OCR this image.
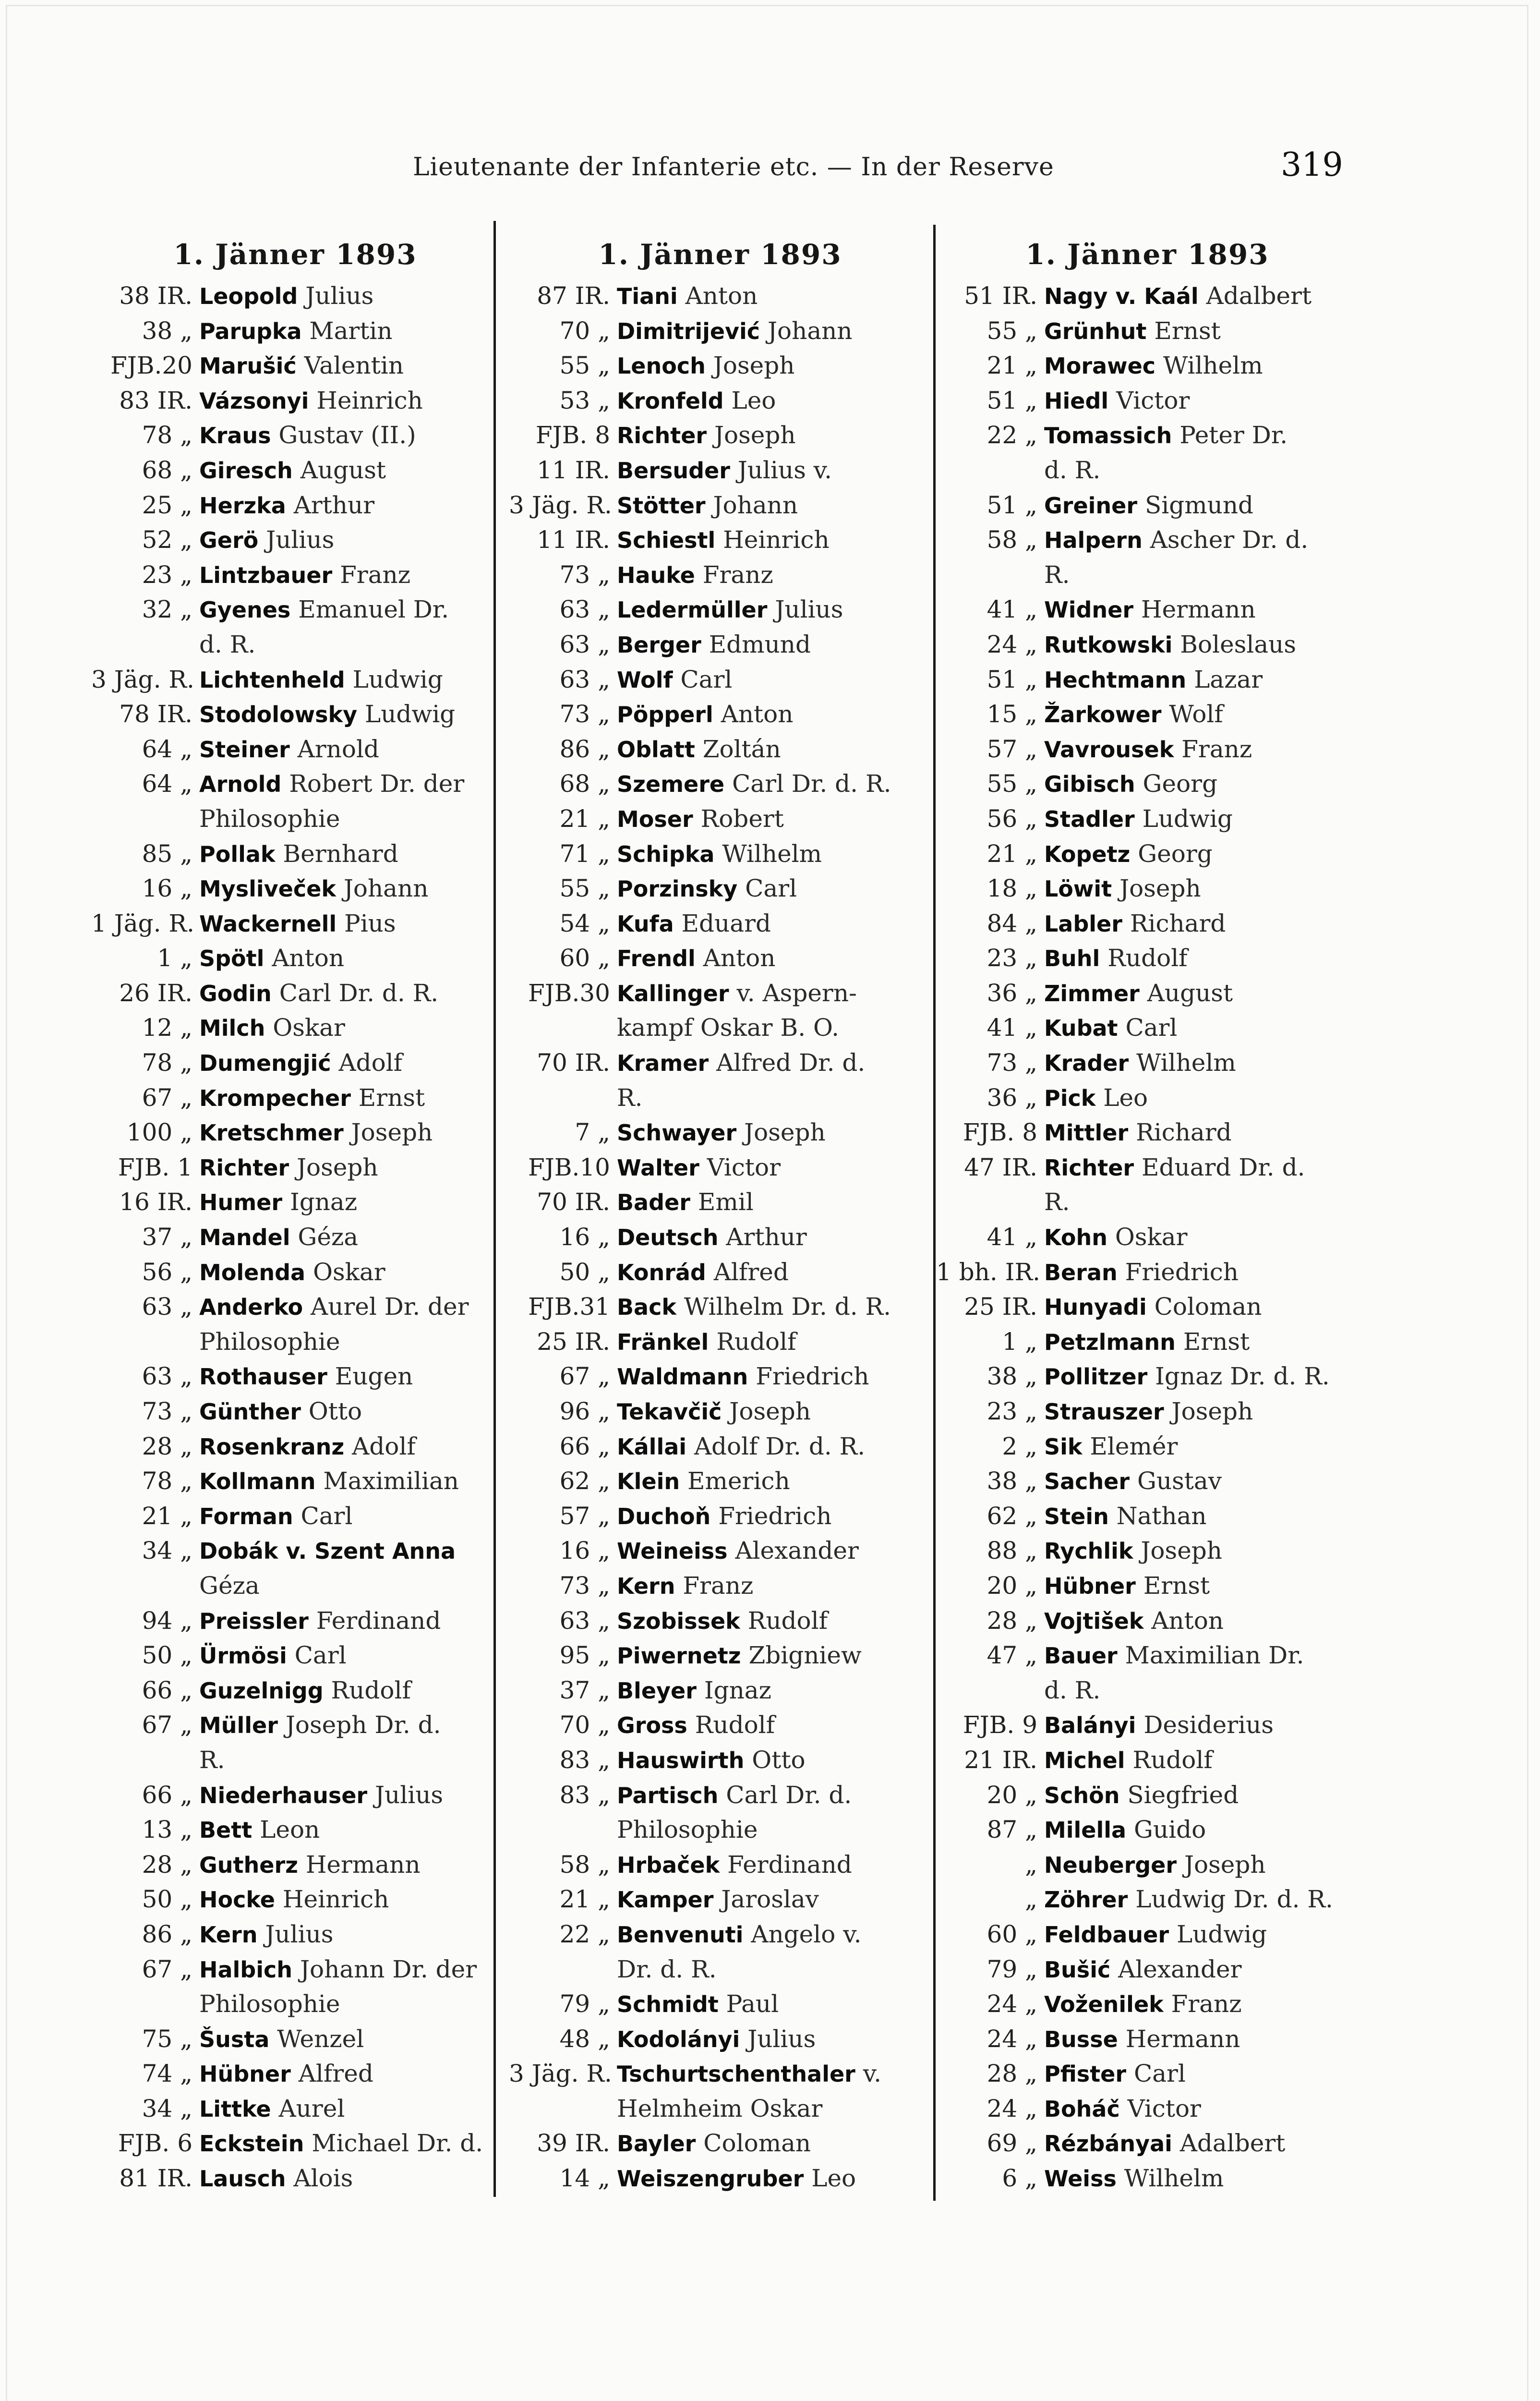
Lieutenante der Infanterie etc. — In der Reserve	319
1. Jänner 1893
38 IR. Leopold Julius
38 „ Parupka Martin
FJB.20 Marušić Valentin
83 IR. Vázsonyi Heinrich
78 „ Kraus Gustav (II.)
68 „ Giresch August
25 „ Herzka Arthur
52 „ Gerö Julius
23 „ Lintzbauer Franz
32 „ Gyenes Emanuel Dr.
d. R.
3 Jäg. R. Lichtenheld Ludwig
78 IR. Stodolowsky Ludwig
64 „ Steiner Arnold
64 „ Arnold Robert Dr. der
Philosophie
85 „ Pollak Bernhard
16 „ Mysliveček Johann
1 Jäg. R. Wackernell Pius
1 „ Spötl Anton
26 IR. Godin Carl Dr. d. R.
12 „ Milch Oskar
78 „ Dumengjić Adolf
67 „ Krompecher Ernst
100 „ Kretschmer Joseph
FJB. 1 Richter Joseph
16 IR. Humer Ignaz
37 „ Mandel Géza
56 „ Molenda Oskar
63 „ Anderko Aurel Dr. der
Philosophie
63 „ Rothauser Eugen
73 „ Günther Otto
28 „ Rosenkranz Adolf
78 „ Kollmann Maximilian
21 „ Forman Carl
34 „ Dobák v. Szent Anna
Géza
94 „ Preissler Ferdinand
50 „ Ürmösi Carl
66 „ Guzelnigg Rudolf
67 „ Müller Joseph Dr. d.
R.
66 „ Niederhauser Julius
13 „ Bett Leon
28 „ Gutherz Hermann
50 „ Hocke Heinrich
86 „ Kern Julius
67 „ Halbich Johann Dr. der
Philosophie
75 „ Šusta Wenzel
74 „ Hübner Alfred
34 „ Littke Aurel
FJB. 6 Eckstein Michael Dr. d.
81 IR. Lausch Alois
1. Jänner 1893
87 IR. Tiani Anton
70 „ Dimitrijević Johann
55 „ Lenoch Joseph
53 „ Kronfeld Leo
FJB. 8 Richter Joseph
11 IR. Bersuder Julius v.
3 Jäg. R. Stötter Johann
11 IR. Schiestl Heinrich
73 „ Hauke Franz
63 „ Ledermüller Julius
63 „ Berger Edmund
63 „ Wolf Carl
73 „ Pöpperl Anton
86 „ Oblatt Zoltán
68 „ Szemere Carl Dr. d. R.
21 „ Moser Robert
71 „ Schipka Wilhelm
55 „ Porzinsky Carl
54 „ Kufa Eduard
60 „ Frendl Anton
FJB.30 Kallinger v. Aspern-
kampf Oskar B. O.
70 IR. Kramer Alfred Dr. d.
R.
7 „ Schwayer Joseph
FJB.10 Walter Victor
70 IR. Bader Emil
16 „ Deutsch Arthur
50 „ Konrád Alfred
FJB.31 Back Wilhelm Dr. d. R.
25 IR. Fränkel Rudolf
67 „ Waldmann Friedrich
96 „ Tekavčič Joseph
66 „ Kállai Adolf Dr. d. R.
62 „ Klein Emerich
57 „ Duchoň Friedrich
16 „ Weineiss Alexander
73 „ Kern Franz
63 „ Szobissek Rudolf
95 „ Piwernetz Zbigniew
37 „ Bleyer Ignaz
70 „ Gross Rudolf
83 „ Hauswirth Otto
83 „ Partisch Carl Dr. d.
Philosophie
58 „ Hrbaček Ferdinand
21 „ Kamper Jaroslav
22 „ Benvenuti Angelo v.
Dr. d. R.
79 „ Schmidt Paul
48 „ Kodolányi Julius
3 Jäg. R. Tschurtschenthaler v.
Helmheim Oskar
39 IR. Bayler Coloman
14 „ Weiszengruber Leo
1. Jänner 1893
51 IR. Nagy v. Kaál Adalbert
55 „ Grünhut Ernst
21 „ Morawec Wilhelm
51 „ Hiedl Victor
22 „ Tomassich Peter Dr.
d. R.
51 „ Greiner Sigmund
58 „ Halpern Ascher Dr. d.
R.
41 „ Widner Hermann
24 „ Rutkowski Boleslaus
51 „ Hechtmann Lazar
15 „ Žarkower Wolf
57 „ Vavrousek Franz
55 „ Gibisch Georg
56 „ Stadler Ludwig
21 „ Kopetz Georg
18 „ Löwit Joseph
84 „ Labler Richard
23 „ Buhl Rudolf
36 „ Zimmer August
41 „ Kubat Carl
73 „ Krader Wilhelm
36 „ Pick Leo
FJB. 8 Mittler Richard
47 IR. Richter Eduard Dr. d.
R.
41 „ Kohn Oskar
1 bh. IR. Beran Friedrich
25 IR. Hunyadi Coloman
1 „ Petzlmann Ernst
38 „ Pollitzer Ignaz Dr. d. R.
23 „ Strauszer Joseph
2 „ Sik Elemér
38 „ Sacher Gustav
62 „ Stein Nathan
88 „ Rychlik Joseph
20 „ Hübner Ernst
28 „ Vojtišek Anton
47 „ Bauer Maximilian Dr.
d. R.
FJB. 9 Balányi Desiderius
21 IR. Michel Rudolf
20 „ Schön Siegfried
87 „ Milella Guido
„ Neuberger Joseph
„ Zöhrer Ludwig Dr. d. R.
60 „ Feldbauer Ludwig
79 „ Bušić Alexander
24 „ Voženilek Franz
24 „ Busse Hermann
28 „ Pfister Carl
24 „ Boháč Victor
69 „ Rézbányai Adalbert
6 „ Weiss Wilhelm
